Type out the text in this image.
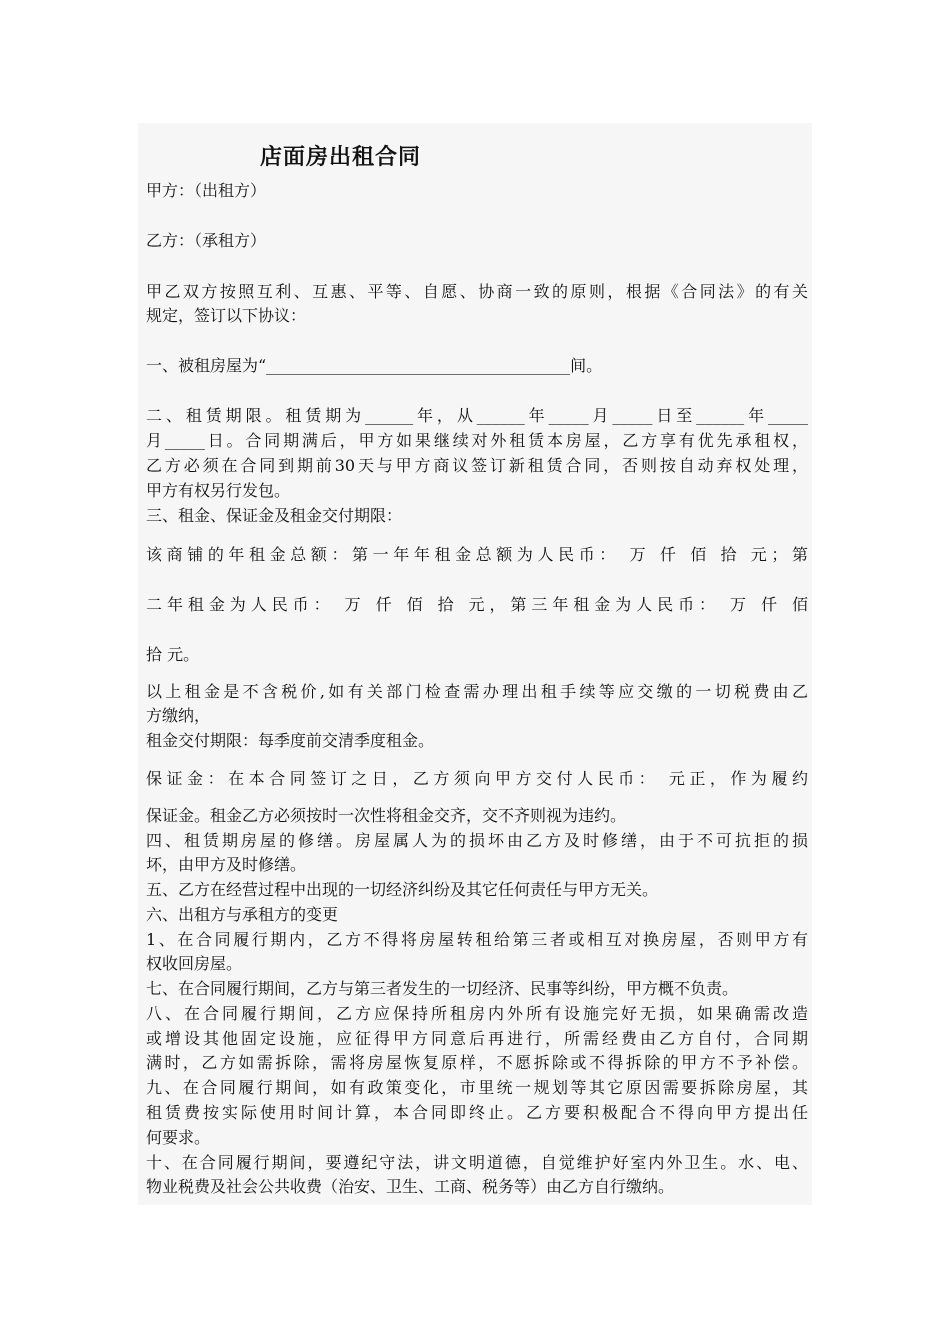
店面房出租合同
甲方：（出租方）
乙方：（承租方）
甲乙双方按照互利、互惠、平等、自愿、协商一致的原则，根据《合同法》的有关
规定，签订以下协议：
一、被租房屋为“______________________________________间。
二、租赁期限。租赁期为______年，从______年_____月_____日至______年_____
月_____日。合同期满后，甲方如果继续对外租赁本房屋，乙方享有优先承租权，
乙方必须在合同到期前30天与甲方商议签订新租赁合同，否则按自动弃权处理，
甲方有权另行发包。
三、租金、保证金及租金交付期限：
该商铺的年租金总额：第一年年租金总额为人民币： 万 仟 佰 拾 元；第
二年租金为人民币： 万 仟 佰 拾 元，第三年租金为人民币： 万 仟 佰
拾 元。
以上租金是不含税价,如有关部门检查需办理出租手续等应交缴的一切税费由乙
方缴纳，
租金交付期限：每季度前交清季度租金。
保证金：在本合同签订之日，乙方须向甲方交付人民币： 元正，作为履约
保证金。租金乙方必须按时一次性将租金交齐，交不齐则视为违约。
四、租赁期房屋的修缮。房屋属人为的损坏由乙方及时修缮，由于不可抗拒的损
坏，由甲方及时修缮。
五、乙方在经营过程中出现的一切经济纠纷及其它任何责任与甲方无关。
六、出租方与承租方的变更
1、在合同履行期内，乙方不得将房屋转租给第三者或相互对换房屋，否则甲方有
权收回房屋。
七、在合同履行期间，乙方与第三者发生的一切经济、民事等纠纷，甲方概不负责。
八、在合同履行期间，乙方应保持所租房内外所有设施完好无损，如果确需改造
或增设其他固定设施，应征得甲方同意后再进行，所需经费由乙方自付，合同期
满时，乙方如需拆除，需将房屋恢复原样，不愿拆除或不得拆除的甲方不予补偿。
九、在合同履行期间，如有政策变化，市里统一规划等其它原因需要拆除房屋，其
租赁费按实际使用时间计算，本合同即终止。乙方要积极配合不得向甲方提出任
何要求。
十、在合同履行期间，要遵纪守法，讲文明道德，自觉维护好室内外卫生。水、电、
物业税费及社会公共收费（治安、卫生、工商、税务等）由乙方自行缴纳。
